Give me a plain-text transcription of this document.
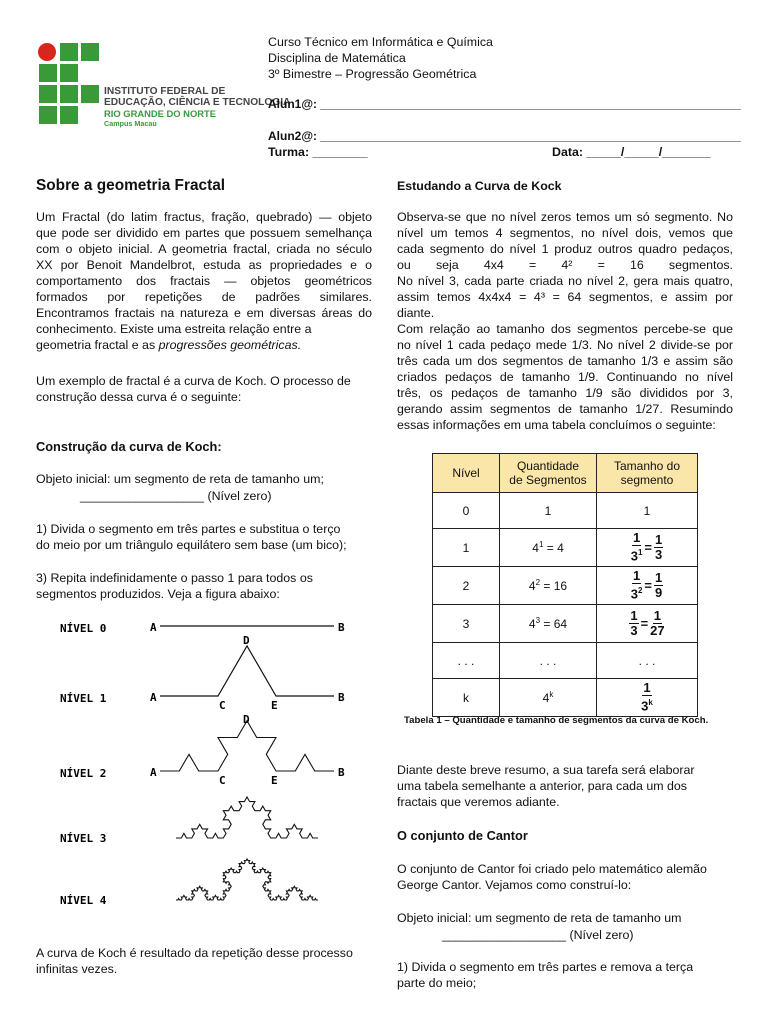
INSTITUTO FEDERAL DE
EDUCAÇÃO, CIÊNCIA E TECNOLOGIA
RIO GRANDE DO NORTE
Campus Macau
Curso Técnico em Informática e Química
Disciplina de Matemática
3º Bimestre – Progressão Geométrica
Alun1@: _______________________________________________________________
Alun2@: _______________________________________________________________
Turma: ________	Data: _____/_____/_______
Sobre a geometria Fractal
Um Fractal (do latim fractus, fração, quebrado) — objeto
que pode ser dividido em partes que possuem semelhança
com o objeto inicial. A geometria fractal, criada no século
XX por Benoit Mandelbrot, estuda as propriedades e o
comportamento dos fractais — objetos geométricos
formados por repetições de padrões similares.
Encontramos fractais na natureza e em diversas áreas do
conhecimento. Existe uma estreita relação entre a
geometria fractal e as progressões geométricas.
Um exemplo de fractal é a curva de Koch. O processo de
construção dessa curva é o seguinte:
Construção da curva de Koch:
Objeto inicial: um segmento de reta de tamanho um;
__________________ (Nível zero)
1) Divida o segmento em três partes e substitua o terço
do meio por um triângulo equilátero sem base (um bico);
3) Repita indefinidamente o passo 1 para todos os
segmentos produzidos. Veja a figura abaixo:
NÍVEL 0
NÍVEL 1
NÍVEL 2
NÍVEL 3
NÍVEL 4
A	B
A
D
C	E
B
A
D
C	E
B
A curva de Koch é resultado da repetição desse processo
infinitas vezes.
Estudando a Curva de Kock
Observa-se que no nível zeros temos um só segmento. No
nível um temos 4 segmentos, no nível dois, vemos que
cada segmento do nível 1 produz outros quadro pedaços,
ou seja 4x4 = 4² = 16 segmentos.
No nível 3, cada parte criada no nível 2, gera mais quatro,
assim temos 4x4x4 = 4³ = 64 segmentos, e assim por
diante.
Com relação ao tamanho dos segmentos percebe-se que
no nível 1 cada pedaço mede 1/3. No nível 2 divide-se por
três cada um dos segmentos de tamanho 1/3 e assim são
criados pedaços de tamanho 1/9. Continuando no nível
três, os pedaços de tamanho 1/9 são divididos por 3,
gerando assim segmentos de tamanho 1/27. Resumindo
essas informações em uma tabela concluímos o seguinte:
Nível	Quantidade
de Segmentos	Tamanho do
segmento
0	1	1
1	$4^1 = 4$	$\frac{1}{3^1} = \frac{1}{3}$

2	$4^2 = 16$	$\frac{1}{3^2} = \frac{1}{9}$

3	$4^3 = 64$	$\frac{1}{3} = \frac{1}{27}$

. . .	. . .	. . .
k	4$^k$	$\frac{1}{3^k}$
Tabela 1 – Quantidade e tamanho de segmentos da curva de Koch.
Diante deste breve resumo, a sua tarefa será elaborar
uma tabela semelhante a anterior, para cada um dos
fractais que veremos adiante.
O conjunto de Cantor
O conjunto de Cantor foi criado pelo matemático alemão
George Cantor. Vejamos como construí-lo:
Objeto inicial: um segmento de reta de tamanho um
__________________ (Nível zero)
1) Divida o segmento em três partes e remova a terça
parte do meio;
